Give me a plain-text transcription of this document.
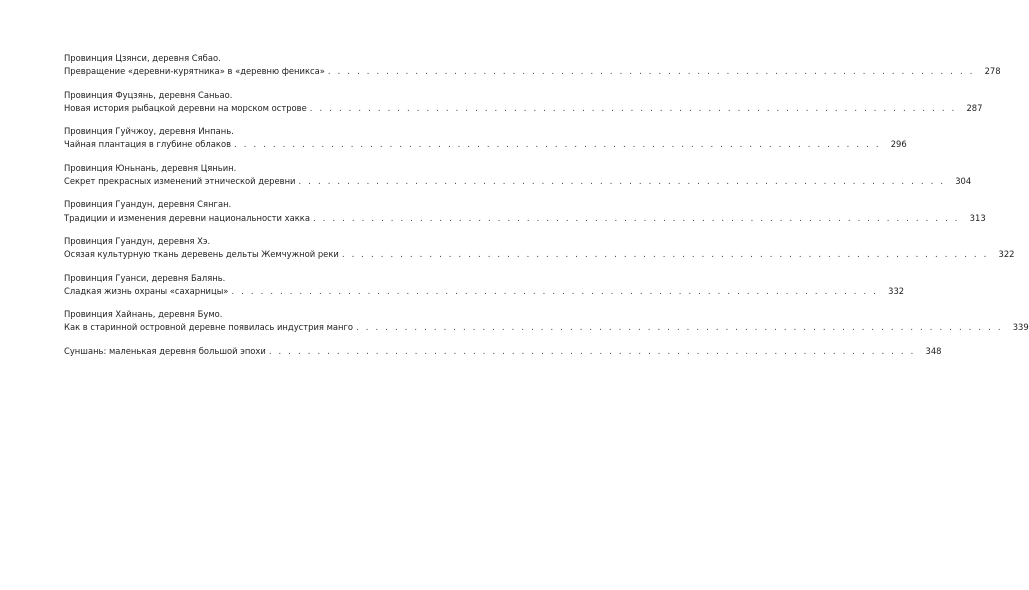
Провинция Цзянси, деревня Сябао.
Превращение «деревни-курятника» в «деревню феникса» . . .	278
Провинция Фуцзянь, деревня Саньао.
Новая история рыбацкой деревни на морском острове . . .	287
Провинция Гуйчжоу, деревня Инпань.
Чайная плантация в глубине облаков . . .	296
Провинция Юньнань, деревня Цяньин.
Секрет прекрасных изменений этнической деревни . . .	304
Провинция Гуандун, деревня Сянган.
Традиции и изменения деревни национальности хакка . . .	313
Провинция Гуандун, деревня Хэ.
Осязая культурную ткань деревень дельты Жемчужной реки . . .	322
Провинция Гуанси, деревня Балянь.
Сладкая жизнь охраны «сахарницы» . . .	332
Провинция Хайнань, деревня Бумо.
Как в старинной островной деревне появилась индустрия манго . . .	339
Суншань: маленькая деревня большой эпохи . . .	348
